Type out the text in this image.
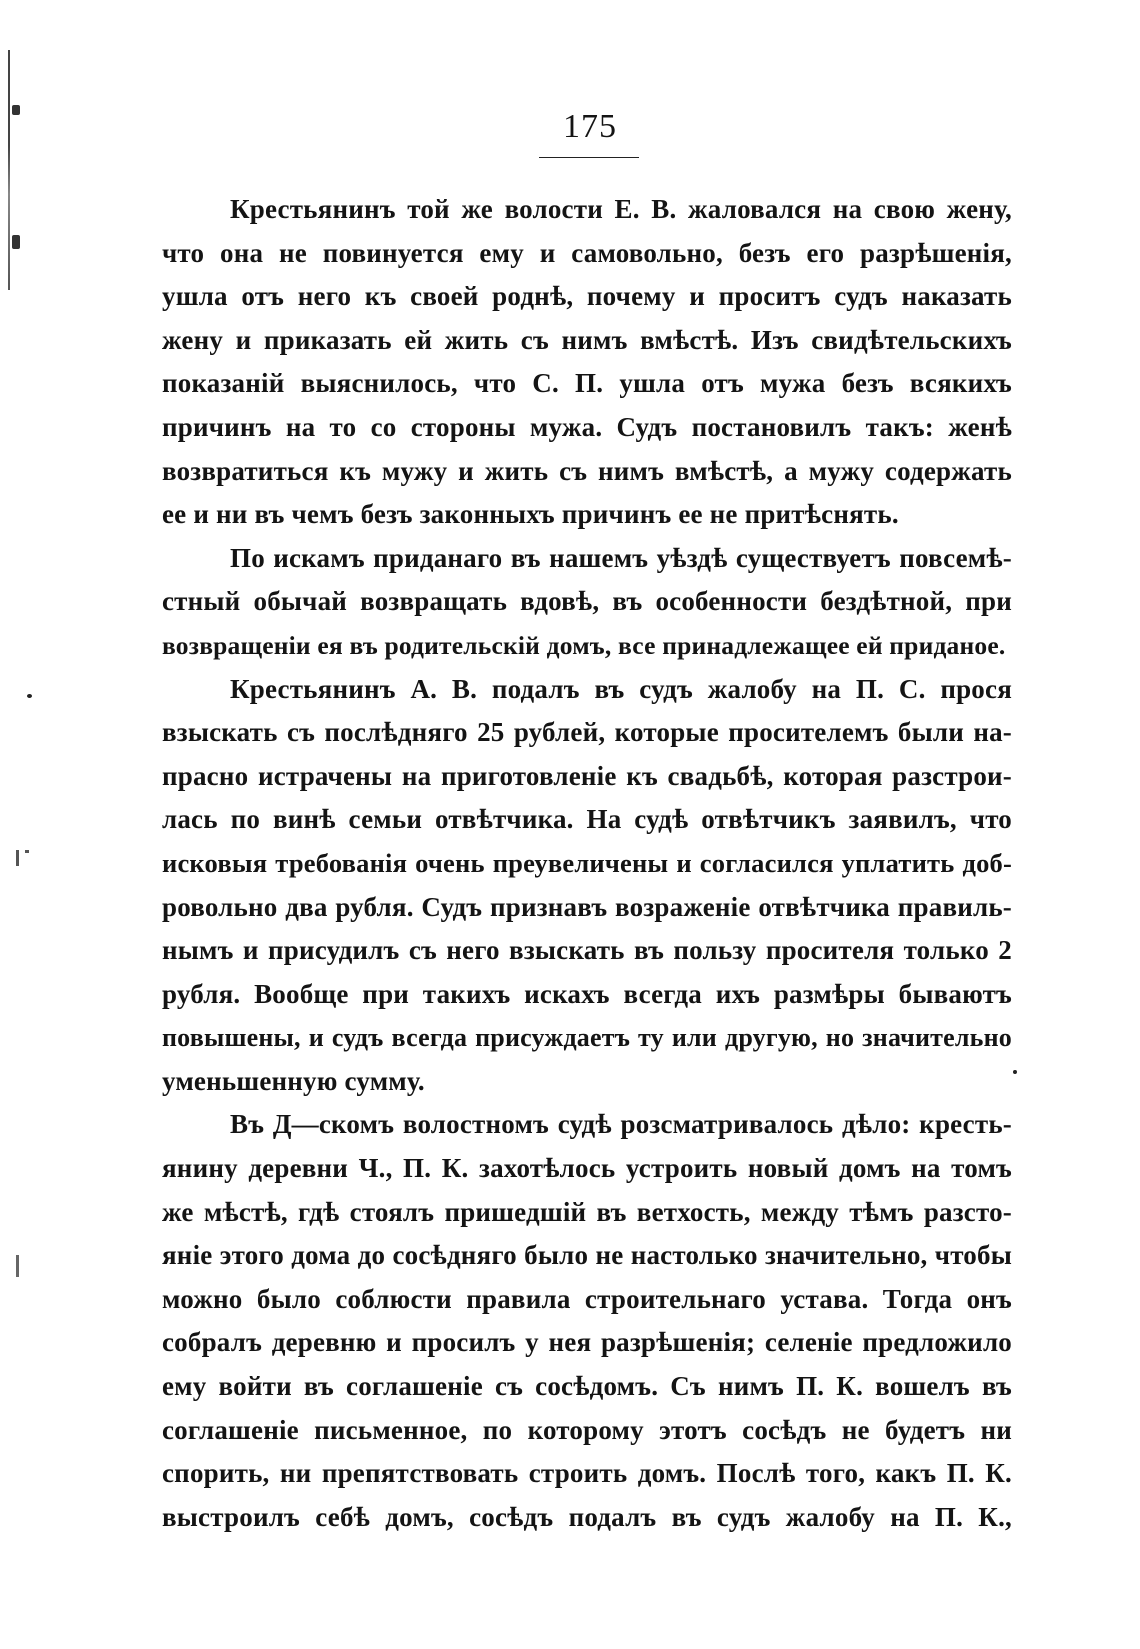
175
Крестьянинъ той же волости Е. В. жаловался на свою жену,
что она не повинуется ему и самовольно, безъ его разрѣшенія,
ушла отъ него къ своей роднѣ, почему и проситъ судъ наказать
жену и приказать ей жить съ нимъ вмѣстѣ. Изъ свидѣтельскихъ
показаній выяснилось, что С. П. ушла отъ мужа безъ всякихъ
причинъ на то со стороны мужа. Судъ постановилъ такъ: женѣ
возвратиться къ мужу и жить съ нимъ вмѣстѣ, а мужу содержать
ее и ни въ чемъ безъ законныхъ причинъ ее не притѣснять.
По искамъ приданаго въ нашемъ уѣздѣ существуетъ повсемѣ-
стный обычай возвращать вдовѣ, въ особенности бездѣтной, при
возвращеніи ея въ родительскій домъ, все принадлежащее ей приданое.
Крестьянинъ А. В. подалъ въ судъ жалобу на П. С. прося
взыскать съ послѣдняго 25 рублей, которые просителемъ были на-
прасно истрачены на приготовленіе къ свадьбѣ, которая разстрои-
лась по винѣ семьи отвѣтчика. На судѣ отвѣтчикъ заявилъ, что
исковыя требованія очень преувеличены и согласился уплатить доб-
ровольно два рубля. Судъ признавъ возраженіе отвѣтчика правиль-
нымъ и присудилъ съ него взыскать въ пользу просителя только 2
рубля. Вообще при такихъ искахъ всегда ихъ размѣры бываютъ
повышены, и судъ всегда присуждаетъ ту или другую, но значительно
уменьшенную сумму.
Въ Д—скомъ волостномъ судѣ розсматривалось дѣло: кресть-
янину деревни Ч., П. К. захотѣлось устроить новый домъ на томъ
же мѣстѣ, гдѣ стоялъ пришедшій въ ветхость, между тѣмъ разсто-
яніе этого дома до сосѣдняго было не настолько значительно, чтобы
можно было соблюсти правила строительнаго устава. Тогда онъ
собралъ деревню и просилъ у нея разрѣшенія; селеніе предложило
ему войти въ соглашеніе съ сосѣдомъ. Съ нимъ П. К. вошелъ въ
соглашеніе письменное, по которому этотъ сосѣдъ не будетъ ни
спорить, ни препятствовать строить домъ. Послѣ того, какъ П. К.
выстроилъ себѣ домъ, сосѣдъ подалъ въ судъ жалобу на П. К.,
